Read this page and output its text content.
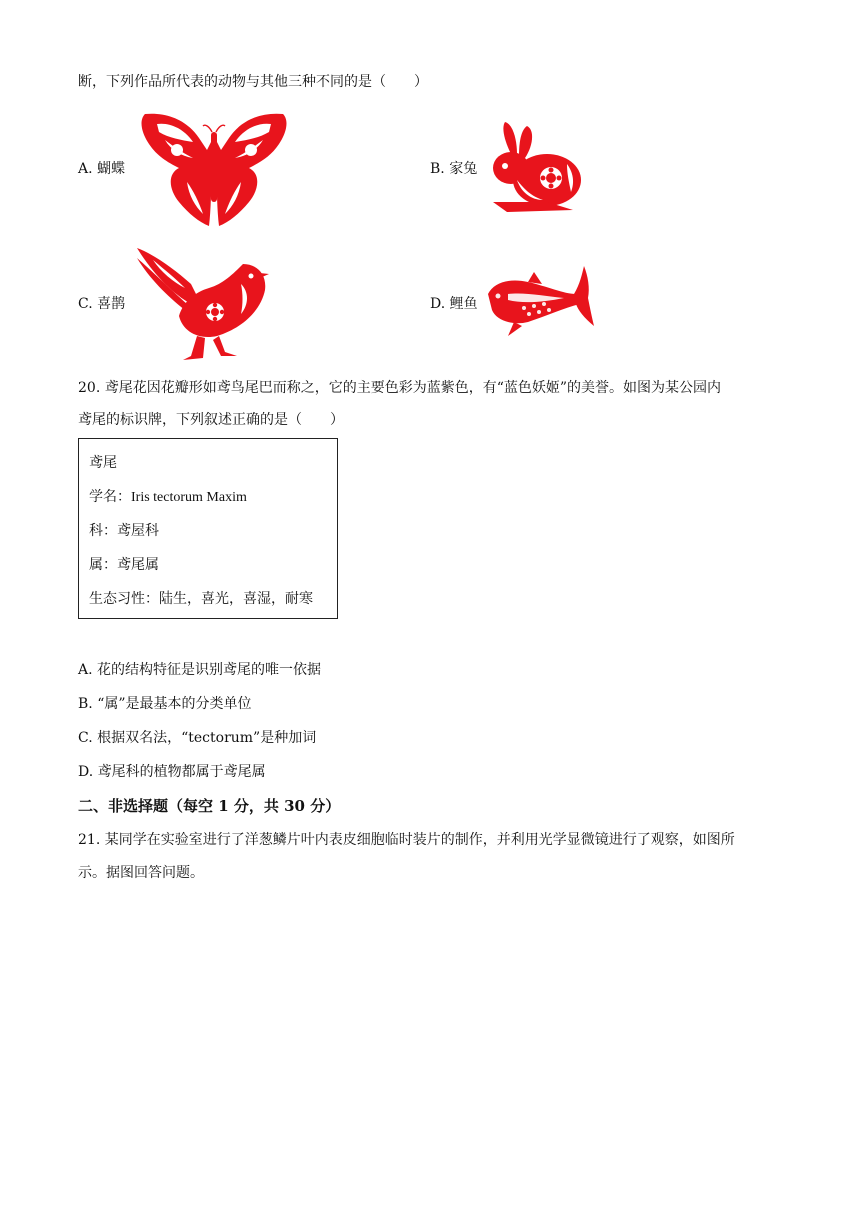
断，下列作品所代表的动物与其他三种不同的是（　　）
A. 蝴蝶	B. 家兔
C. 喜鹊	D. 鲤鱼
20. 鸢尾花因花瓣形如鸢鸟尾巴而称之，它的主要色彩为蓝紫色，有“蓝色妖姬”的美誉。如图为某公园内
鸢尾的标识牌，下列叙述正确的是（　　）
鸢尾
学名：Iris tectorum Maxim
科：鸢屋科
属：鸢尾属
生态习性：陆生，喜光，喜湿，耐寒
A. 花的结构特征是识别鸢尾的唯一依据
B. “属”是最基本的分类单位
C. 根据双名法，“tectorum”是种加词
D. 鸢尾科的植物都属于鸢尾属
二、非选择题（每空 1 分，共 30 分）
21. 某同学在实验室进行了洋葱鳞片叶内表皮细胞临时装片的制作，并利用光学显微镜进行了观察，如图所
示。据图回答问题。
